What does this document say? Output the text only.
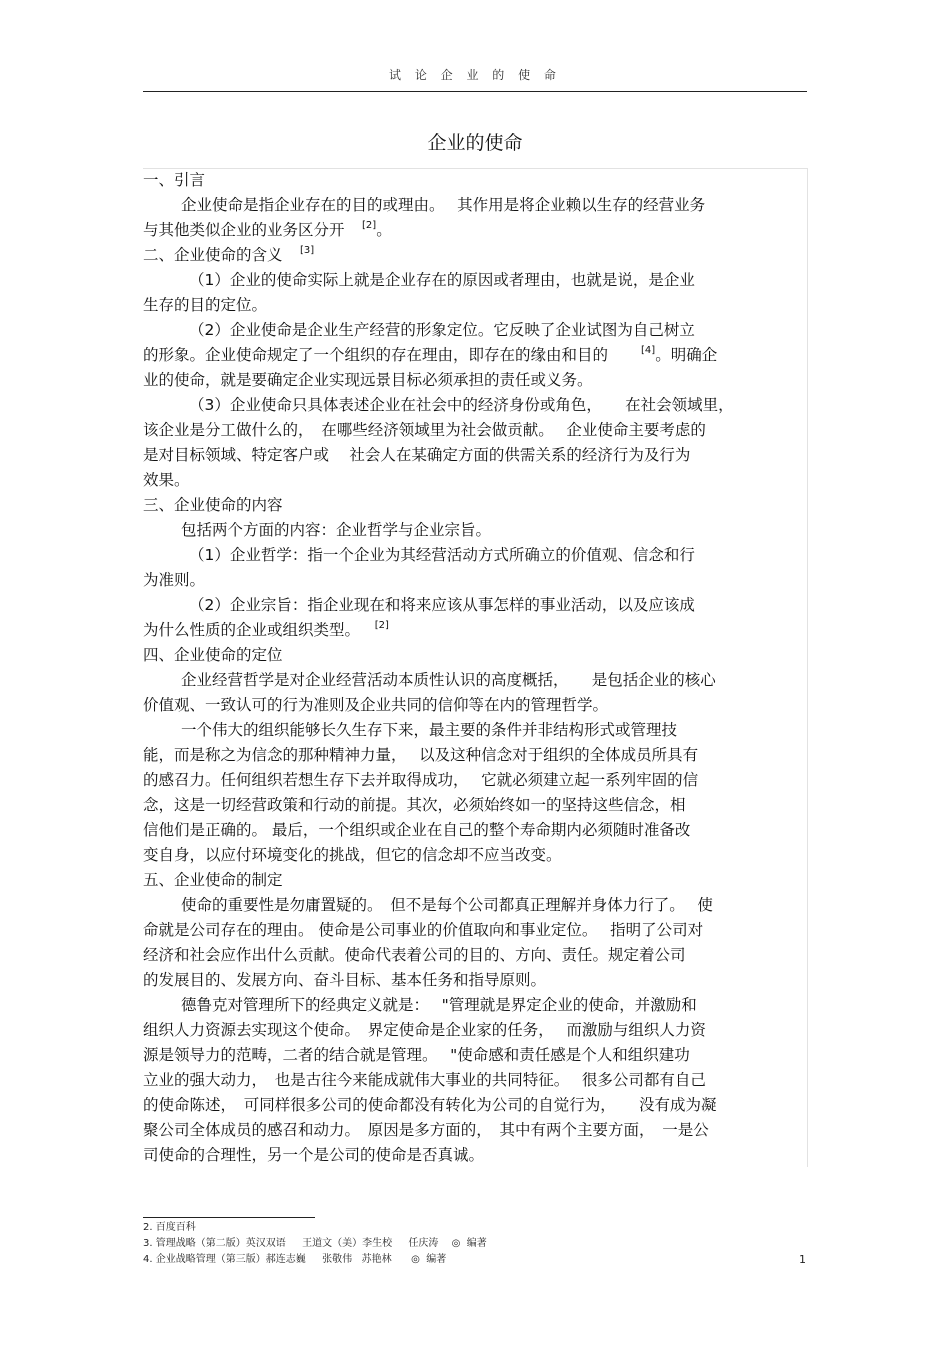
试 论 企 业 的 使 命
企业的使命
一、引言
企业使命是指企业存在的目的或理由。　 其作用是将企业赖以生存的经营业务
与其他类似企业的业务区分开　[2]。
二、企业使命的含义　[3]
（1）企业的使命实际上就是企业存在的原因或者理由，也就是说，是企业
生存的目的定位。
（2）企业使命是企业生产经营的形象定位。它反映了企业试图为自己树立
的形象。企业使命规定了一个组织的存在理由，即存在的缘由和目的　　[4]。明确企
业的使命，就是要确定企业实现远景目标必须承担的责任或义务。
（3）企业使命只具体表述企业在社会中的经济身份或角色，　　在社会领域里，
该企业是分工做什么的，　在哪些经济领域里为社会做贡献。　 企业使命主要考虑的
是对目标领域、特定客户或　 社会人在某确定方面的供需关系的经济行为及行为
效果。
三、企业使命的内容
包括两个方面的内容：企业哲学与企业宗旨。
（1）企业哲学：指一个企业为其经营活动方式所确立的价值观、信念和行
为准则。
（2）企业宗旨：指企业现在和将来应该从事怎样的事业活动，以及应该成
为什么性质的企业或组织类型。　 [2]
四、企业使命的定位
企业经营哲学是对企业经营活动本质性认识的高度概括，　　是包括企业的核心
价值观、一致认可的行为准则及企业共同的信仰等在内的管理哲学。
一个伟大的组织能够长久生存下来，最主要的条件并非结构形式或管理技
能，而是称之为信念的那种精神力量，　 以及这种信念对于组织的全体成员所具有
的感召力。任何组织若想生存下去并取得成功，　 它就必须建立起一系列牢固的信
念，这是一切经营政策和行动的前提。其次，必须始终如一的坚持这些信念，相
信他们是正确的。 最后，一个组织或企业在自己的整个寿命期内必须随时准备改
变自身，以应付环境变化的挑战，但它的信念却不应当改变。
五、企业使命的制定
使命的重要性是勿庸置疑的。　但不是每个公司都真正理解并身体力行了。　 使
命就是公司存在的理由。 使命是公司事业的价值取向和事业定位。　 指明了公司对
经济和社会应作出什么贡献。使命代表着公司的目的、方向、责任。规定着公司
的发展目的、发展方向、奋斗目标、基本任务和指导原则。
德鲁克对管理所下的经典定义就是：　 "管理就是界定企业的使命，并激励和
组织人力资源去实现这个使命。　界定使命是企业家的任务，　 而激励与组织人力资
源是领导力的范畴，二者的结合就是管理。　 "使命感和责任感是个人和组织建功
立业的强大动力，　也是古往今来能成就伟大事业的共同特征。　 很多公司都有自己
的使命陈述，　可同样很多公司的使命都没有转化为公司的自觉行为，　　没有成为凝
聚公司全体成员的感召和动力。　原因是多方面的，　其中有两个主要方面，　一是公
司使命的合理性，另一个是公司的使命是否真诚。
2. 百度百科
3. 管理战略（第二版）英汉双语　  王道文（美）李生校　  任庆涛　 ◎  编著
4. 企业战略管理（第三版）郝连志巍　  张敬伟   苏艳林　   ◎  编著	1
